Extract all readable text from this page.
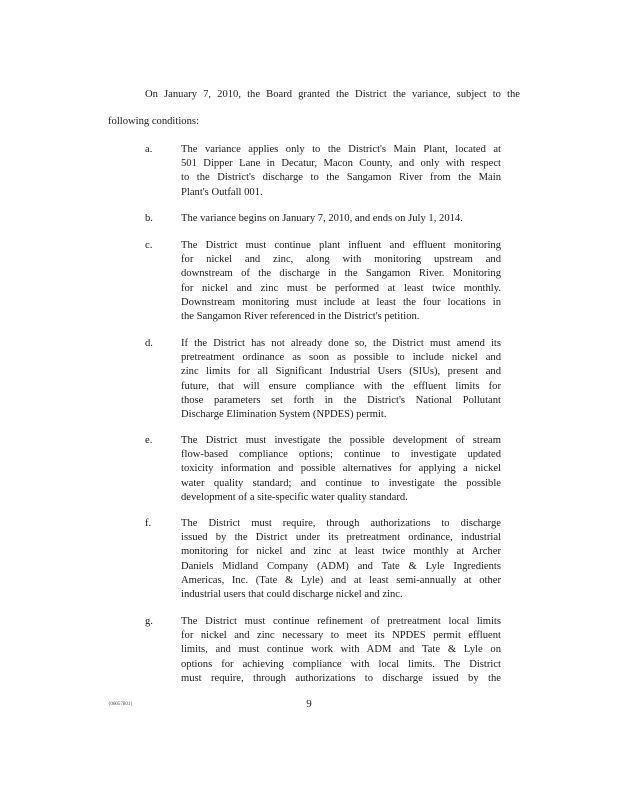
On January 7, 2010, the Board granted the District the variance, subject to the
following conditions:
a.	The variance applies only to the District's Main Plant, located at
501 Dipper Lane in Decatur, Macon County, and only with respect
to the District's discharge to the Sangamon River from the Main
Plant's Outfall 001.
b.	The variance begins on January 7, 2010, and ends on July 1, 2014.
c.	The District must continue plant influent and effluent monitoring
for nickel and zinc, along with monitoring upstream and
downstream of the discharge in the Sangamon River. Monitoring
for nickel and zinc must be performed at least twice monthly.
Downstream monitoring must include at least the four locations in
the Sangamon River referenced in the District's petition.
d.	If the District has not already done so, the District must amend its
pretreatment ordinance as soon as possible to include nickel and
zinc limits for all Significant Industrial Users (SIUs), present and
future, that will ensure compliance with the effluent limits for
those parameters set forth in the District's National Pollutant
Discharge Elimination System (NPDES) permit.
e.	The District must investigate the possible development of stream
flow-based compliance options; continue to investigate updated
toxicity information and possible alternatives for applying a nickel
water quality standard; and continue to investigate the possible
development of a site-specific water quality standard.
f.	The District must require, through authorizations to discharge
issued by the District under its pretreatment ordinance, industrial
monitoring for nickel and zinc at least twice monthly at Archer
Daniels Midland Company (ADM) and Tate & Lyle Ingredients
Americas, Inc. (Tate & Lyle) and at least semi-annually at other
industrial users that could discharge nickel and zinc.
g.	The District must continue refinement of pretreatment local limits
for nickel and zinc necessary to meet its NPDES permit effluent
limits, and must continue work with ADM and Tate & Lyle on
options for achieving compliance with local limits. The District
must require, through authorizations to discharge issued by the
{00057801}	9
